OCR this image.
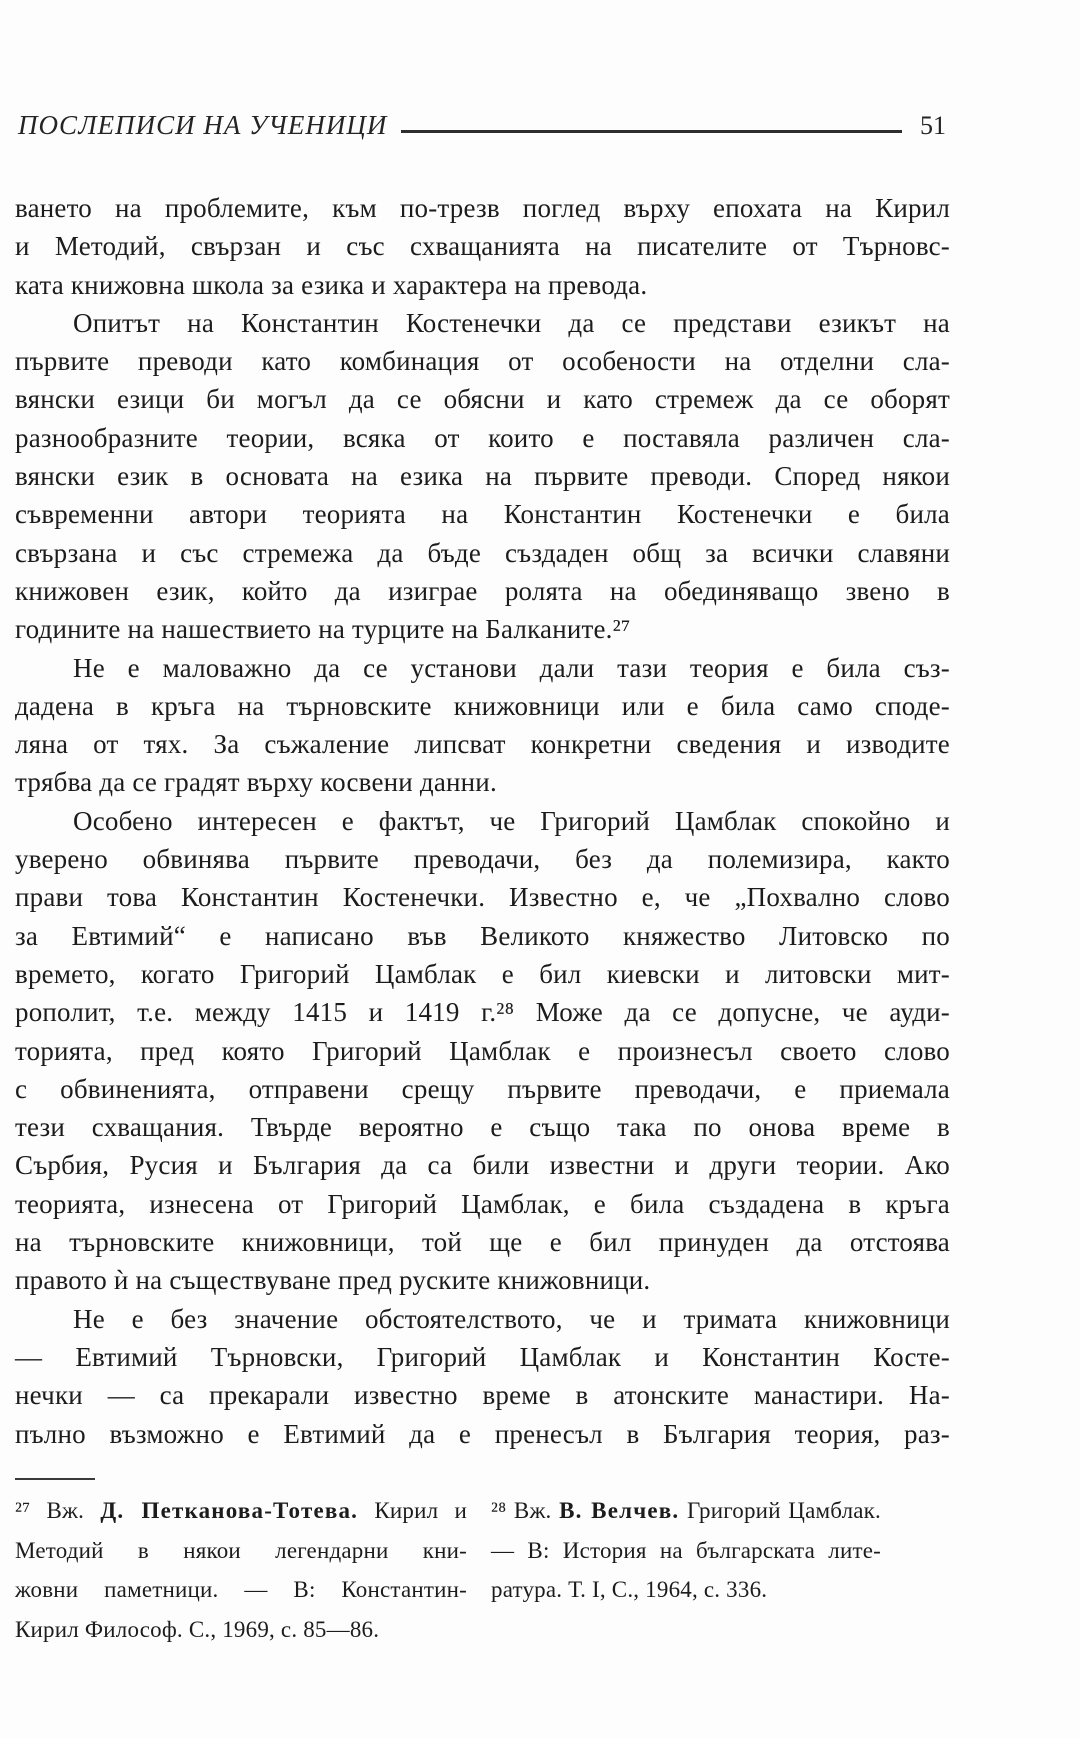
ПОСЛЕПИСИ НА УЧЕНИЦИ	51
ването на проблемите, към по-трезв поглед върху епохата на Кирил
и Методий, свързан и със схващанията на писателите от Търновс-
ката книжовна школа за езика и характера на превода.
Опитът на Константин Костенечки да се представи езикът на
първите преводи като комбинация от особености на отделни сла-
вянски езици би могъл да се обясни и като стремеж да се оборят
разнообразните теории, всяка от които е поставяла различен сла-
вянски език в основата на езика на първите преводи. Според някои
съвременни автори теорията на Константин Костенечки е била
свързана и със стремежа да бъде създаден общ за всички славяни
книжовен език, който да изиграе ролята на обединяващо звено в
годините на нашествието на турците на Балканите.²⁷
Не е маловажно да се установи дали тази теория е била съз-
дадена в кръга на търновските книжовници или е била само споде-
ляна от тях. За съжаление липсват конкретни сведения и изводите
трябва да се градят върху косвени данни.
Особено интересен е фактът, че Григорий Цамблак спокойно и
уверено обвинява първите преводачи, без да полемизира, както
прави това Константин Костенечки. Известно е, че „Похвално слово
за Евтимий“ е написано във Великото княжество Литовско по
времето, когато Григорий Цамблак е бил киевски и литовски мит-
рополит, т.е. между 1415 и 1419 г.²⁸ Може да се допусне, че ауди-
торията, пред която Григорий Цамблак е произнесъл своето слово
с обвиненията, отправени срещу първите преводачи, е приемала
тези схващания. Твърде вероятно е също така по онова време в
Сърбия, Русия и България да са били известни и други теории. Ако
теорията, изнесена от Григорий Цамблак, е била създадена в кръга
на търновските книжовници, той ще е бил принуден да отстоява
правото ѝ на съществуване пред руските книжовници.
Не е без значение обстоятелството, че и тримата книжовници
— Евтимий Търновски, Григорий Цамблак и Константин Косте-
нечки — са прекарали известно време в атонските манастири. На-
пълно възможно е Евтимий да е пренесъл в България теория, раз-
²⁷ Вж. Д. Петканова-Тотева. Кирил и
Методий в някои легендарни кни-
жовни паметници. — В: Константин-
Кирил Философ. С., 1969, с. 85—86.
²⁸ Вж. В. Велчев. Григорий Цамблак.
— В: История на българската лите-
ратура. Т. I, С., 1964, с. 336.
